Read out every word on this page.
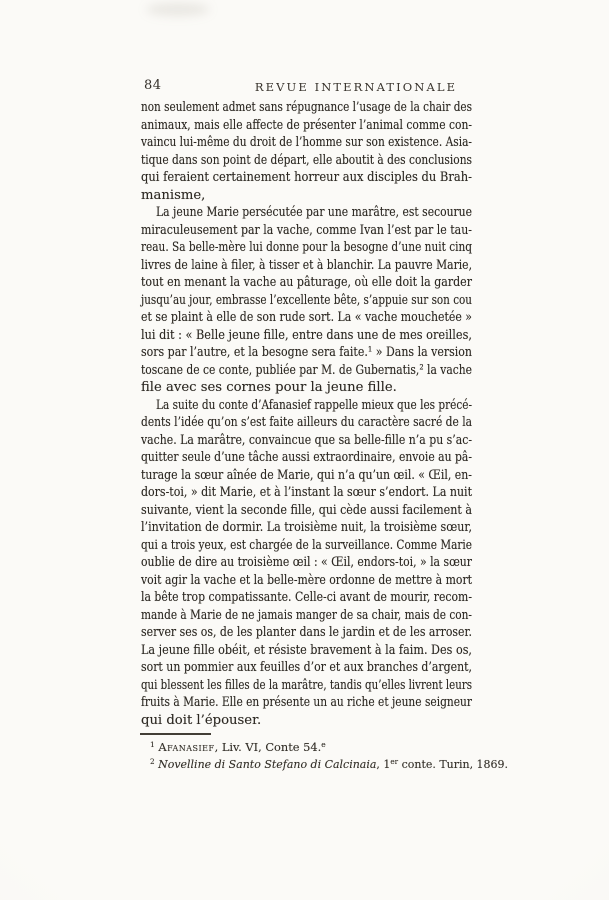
84	REVUE INTERNATIONALE
non seulement admet sans répugnance l’usage de la chair des
animaux, mais elle affecte de présenter l’animal comme con-
vaincu lui-même du droit de l’homme sur son existence. Asia-
tique dans son point de départ, elle aboutit à des conclusions
qui feraient certainement horreur aux disciples du Brah-
manisme,
La jeune Marie persécutée par une marâtre, est secourue
miraculeusement par la vache, comme Ivan l’est par le tau-
reau. Sa belle-mère lui donne pour la besogne d’une nuit cinq
livres de laine à filer, à tisser et à blanchir. La pauvre Marie,
tout en menant la vache au pâturage, où elle doit la garder
jusqu’au jour, embrasse l’excellente bête, s’appuie sur son cou
et se plaint à elle de son rude sort. La « vache mouchetée »
lui dit : « Belle jeune fille, entre dans une de mes oreilles,
sors par l’autre, et la besogne sera faite.¹ » Dans la version
toscane de ce conte, publiée par M. de Gubernatis,² la vache
file avec ses cornes pour la jeune fille.
La suite du conte d’Afanasief rappelle mieux que les précé-
dents l’idée qu’on s’est faite ailleurs du caractère sacré de la
vache. La marâtre, convaincue que sa belle-fille n’a pu s’ac-
quitter seule d’une tâche aussi extraordinaire, envoie au pâ-
turage la sœur aînée de Marie, qui n’a qu’un œil. « Œil, en-
dors-toi, » dit Marie, et à l’instant la sœur s’endort. La nuit
suivante, vient la seconde fille, qui cède aussi facilement à
l’invitation de dormir. La troisième nuit, la troisième sœur,
qui a trois yeux, est chargée de la surveillance. Comme Marie
oublie de dire au troisième œil : « Œil, endors-toi, » la sœur
voit agir la vache et la belle-mère ordonne de mettre à mort
la bête trop compatissante. Celle-ci avant de mourir, recom-
mande à Marie de ne jamais manger de sa chair, mais de con-
server ses os, de les planter dans le jardin et de les arroser.
La jeune fille obéit, et résiste bravement à la faim. Des os,
sort un pommier aux feuilles d’or et aux branches d’argent,
qui blessent les filles de la marâtre, tandis qu’elles livrent leurs
fruits à Marie. Elle en présente un au riche et jeune seigneur
qui doit l’épouser.
$^1$ Afanasief, Liv. VI, Conte 54.$^e$
$^2$ Novelline di Santo Stefano di Calcinaia, 1er conte. Turin, 1869.
